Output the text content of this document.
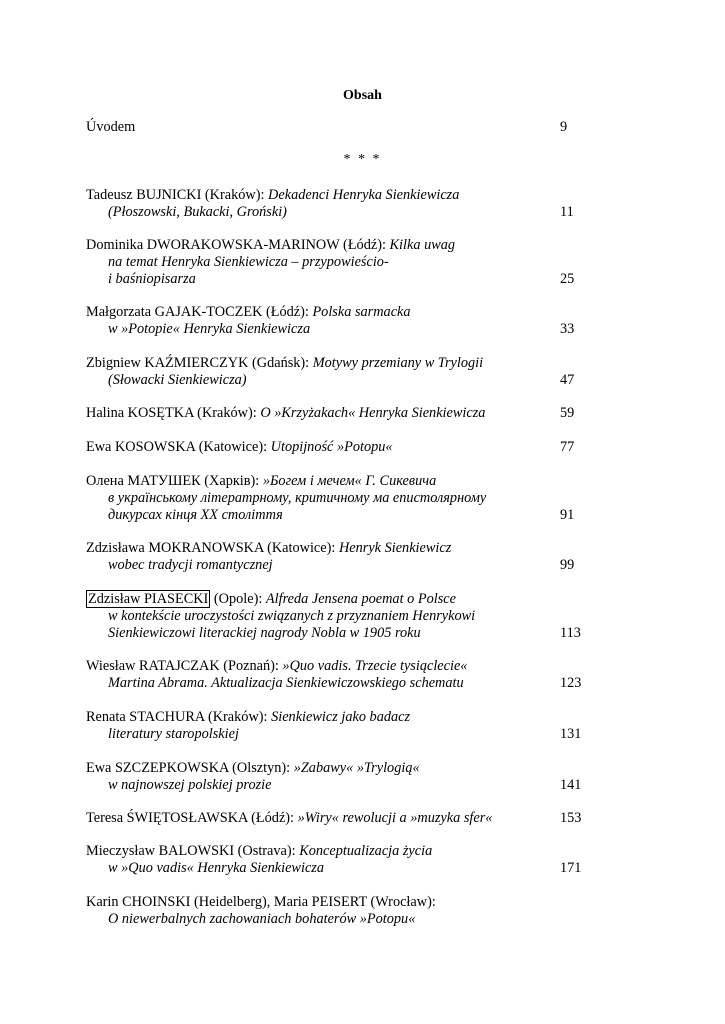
Obsah
Úvodem	9
* * *
Tadeusz BUJNICKI (Kraków): Dekadenci Henryka Sienkiewicza
(Płoszowski, Bukacki, Groński)	11
Dominika DWORAKOWSKA-MARINOW (Łódź): Kilka uwag
na temat Henryka Sienkiewicza – przypowieścio-
i baśniopisarza	25
Małgorzata GAJAK-TOCZEK (Łódź): Polska sarmacka
w »Potopie« Henryka Sienkiewicza	33
Zbigniew KAŹMIERCZYK (Gdańsk): Motywy przemiany w Trylogii
(Słowacki Sienkiewicza)	47
Halina KOSĘTKA (Kraków): O »Krzyżakach« Henryka Sienkiewicza	59
Ewa KOSOWSKA (Katowice): Utopijność »Potopu«	77
Олена МАТУШЕК (Харків): »Богем і мечем« Г. Сикевича
в українському літератрному, критичному ма епистолярному
дикурсах кінця XX століття	91
Zdzisława MOKRANOWSKA (Katowice): Henryk Sienkiewicz
wobec tradycji romantycznej	99
Zdzisław PIASECKI (Opole): Alfreda Jensena poemat o Polsce
w kontekście uroczystości związanych z przyznaniem Henrykowi
Sienkiewiczowi literackiej nagrody Nobla w 1905 roku	113
Wiesław RATAJCZAK (Poznań): »Quo vadis. Trzecie tysiąclecie«
Martina Abrama. Aktualizacja Sienkiewiczowskiego schematu	123
Renata STACHURA (Kraków): Sienkiewicz jako badacz
literatury staropolskiej	131
Ewa SZCZEPKOWSKA (Olsztyn): »Zabawy« »Trylogią«
w najnowszej polskiej prozie	141
Teresa ŚWIĘTOSŁAWSKA (Łódź): »Wiry« rewolucji a »muzyka sfer«	153
Mieczysław BALOWSKI (Ostrava): Konceptualizacja życia
w »Quo vadis« Henryka Sienkiewicza	171
Karin CHOINSKI (Heidelberg), Maria PEISERT (Wrocław):
O niewerbalnych zachowaniach bohaterów »Potopu«
